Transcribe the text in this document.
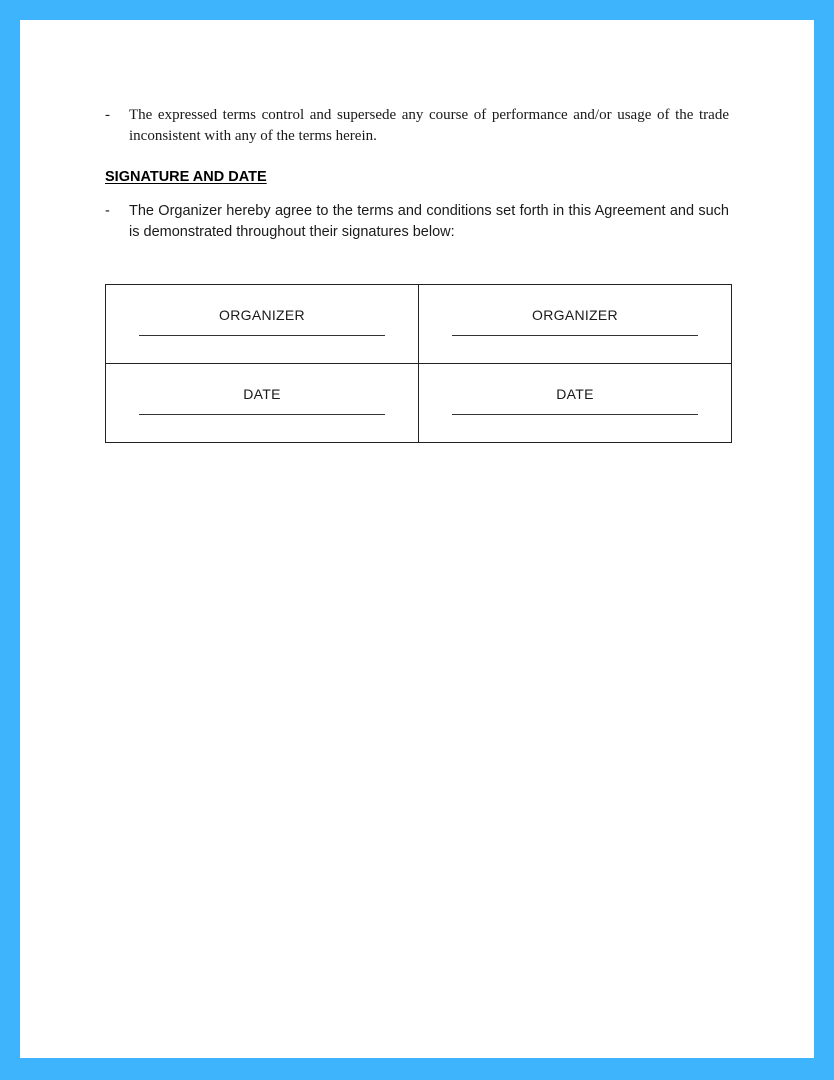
-	The expressed terms control and supersede any course of performance and/or usage of the trade inconsistent with any of the terms herein.
SIGNATURE AND DATE
-	The Organizer hereby agree to the terms and conditions set forth in this Agreement and such is demonstrated throughout their signatures below:
ORGANIZER	ORGANIZER

DATE	DATE
